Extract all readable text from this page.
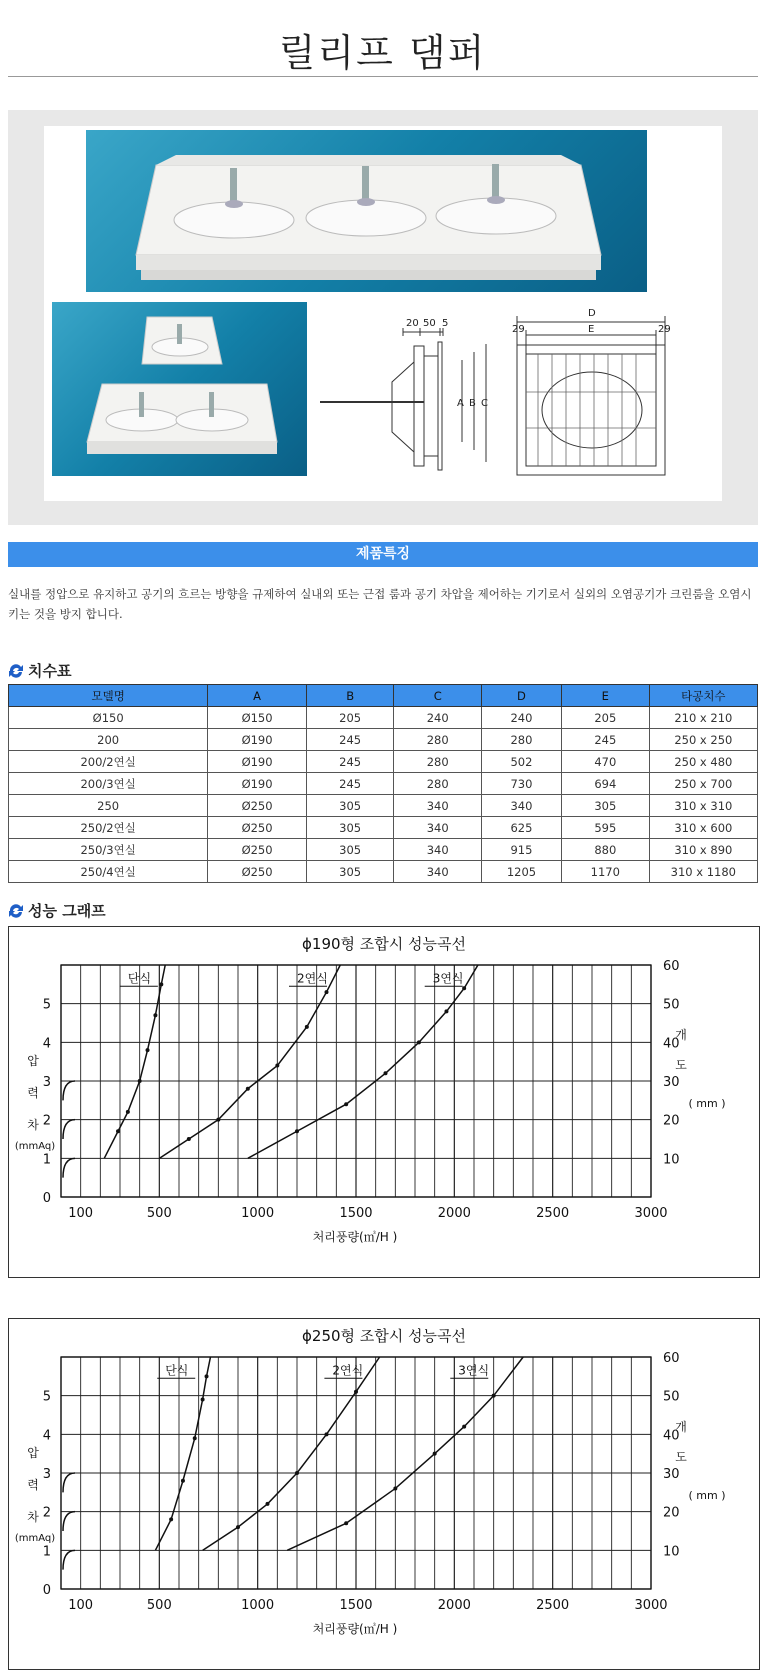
릴리프 댐퍼
20 50 5
A B C
D
E
29	29
제품특징
실내를 정압으로 유지하고 공기의 흐르는 방향을 규제하여 실내외 또는 근접 룸과 공기 차압을 제어하는 기기로서 실외의 오염공기가 크린룸을 오염시
키는 것을 방지 합니다.
치수표
모델명	A	B	C	D	E	타공치수
Ø150	Ø150	205	240	240	205	210 x 210
200	Ø190	245	280	280	245	250 x 250
200/2연실	Ø190	245	280	502	470	250 x 480
200/3연실	Ø190	245	280	730	694	250 x 700
250	Ø250	305	340	340	305	310 x 310
250/2연실	Ø250	305	340	625	595	310 x 600
250/3연실	Ø250	305	340	915	880	310 x 890
250/4연실	Ø250	305	340	1205	1170	310 x 1180
성능 그래프
ϕ190형 조합시 성능곡선
0
1
2
3
4
5
10
20
30
40
50
60
100	500	1000	1500	2000	2500	3000
처리풍량(㎥/H )
압
력
차
(mmAq)
개
도
( mm )
단식	2연식	3연식
ϕ250형 조합시 성능곡선
0
1
2
3
4
5
10
20
30
40
50
60
100	500	1000	1500	2000	2500	3000
처리풍량(㎥/H )
압
력
차
(mmAq)
개
도
( mm )
단식	2연식	3연식
